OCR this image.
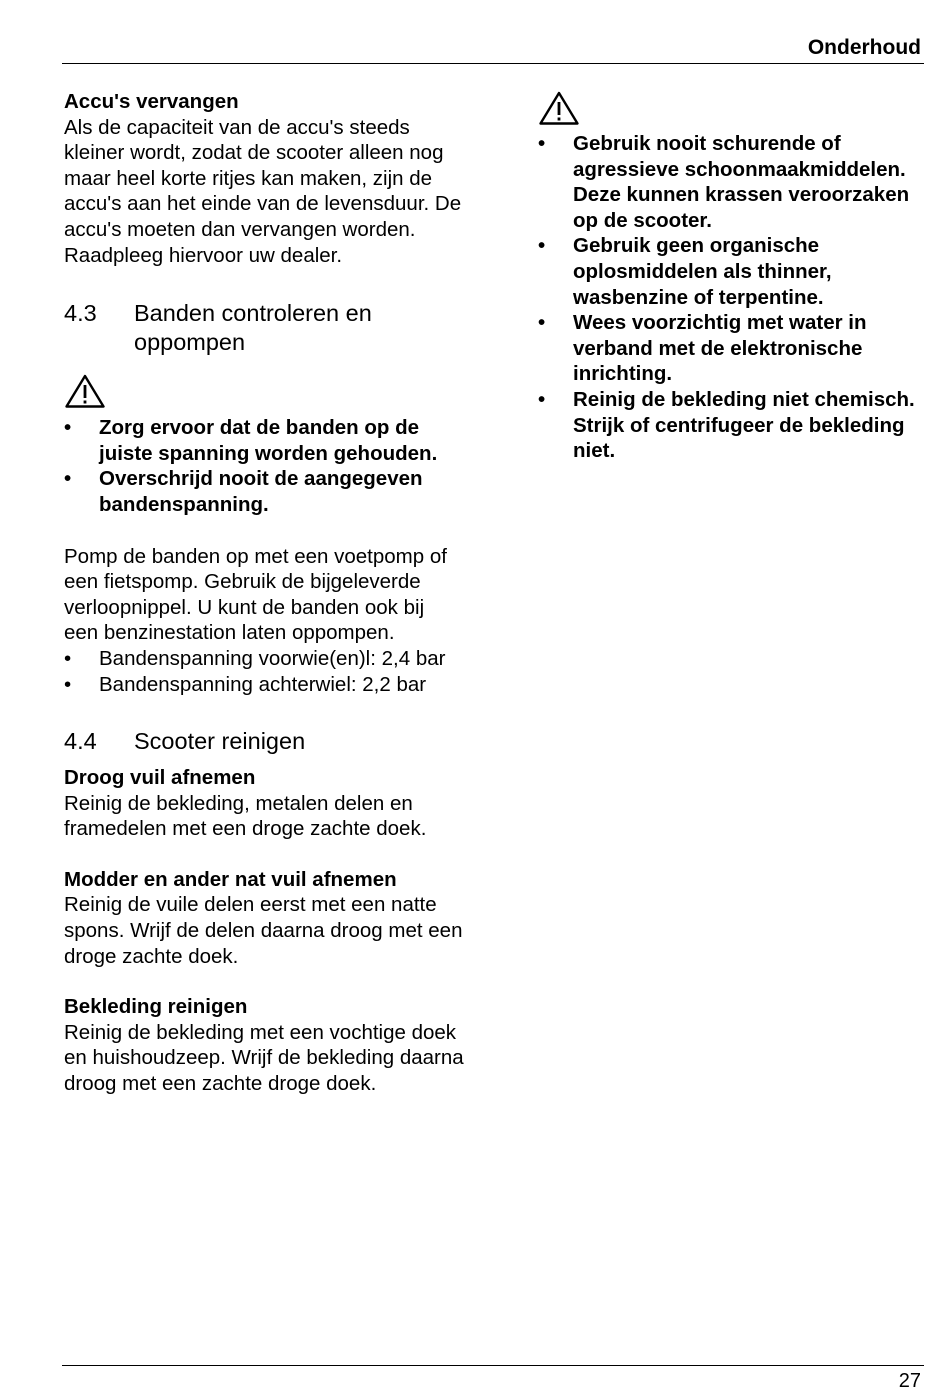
Onderhoud

Accu's vervangen

Als de capaciteit van de accu's steeds kleiner wordt, zodat de scooter alleen nog maar heel korte ritjes kan maken, zijn de accu's aan het einde van de levensduur. De accu's moeten dan vervangen worden. Raadpleeg hiervoor uw dealer.

4.3	Banden controleren en oppompen
• Zorg ervoor dat de banden op de juiste spanning worden gehouden.
• Overschrijd nooit de aangegeven bandenspanning.

Pomp de banden op met een voetpomp of een fietspomp. Gebruik de bijgeleverde verloopnippel. U kunt de banden ook bij een benzinestation laten oppompen.

• Bandenspanning voorwie(en)l: 2,4 bar
• Bandenspanning achterwiel: 2,2 bar
4.4	Scooter reinigen

Droog vuil afnemen

Reinig de bekleding, metalen delen en framedelen met een droge zachte doek.

Modder en ander nat vuil afnemen

Reinig de vuile delen eerst met een natte spons. Wrijf de delen daarna droog met een droge zachte doek.

Bekleding reinigen

Reinig de bekleding met een vochtige doek en huishoudzeep. Wrijf de bekleding daarna droog met een zachte droge doek.

• Gebruik nooit schurende of agressieve schoonmaakmiddelen. Deze kunnen krassen veroorzaken op de scooter.
• Gebruik geen organische oplosmiddelen als thinner, wasbenzine of terpentine.
• Wees voorzichtig met water in verband met de elektronische inrichting.
• Reinig de bekleding niet chemisch. Strijk of centrifugeer de bekleding niet.
27
